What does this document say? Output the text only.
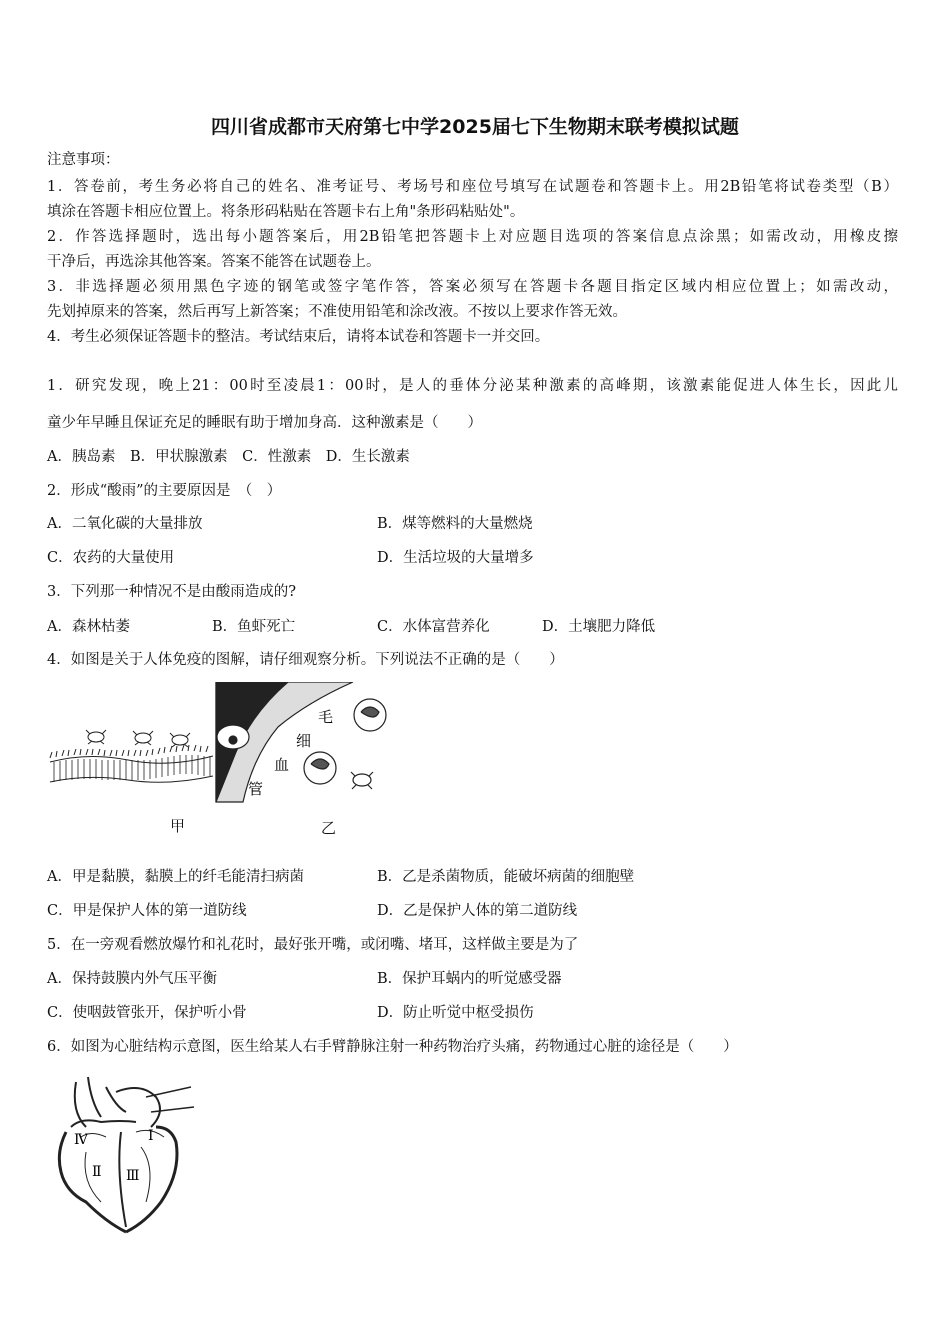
四川省成都市天府第七中学2025届七下生物期末联考模拟试题
注意事项：
1．答卷前，考生务必将自己的姓名、准考证号、考场号和座位号填写在试题卷和答题卡上。用2B铅笔将试卷类型（B）
填涂在答题卡相应位置上。将条形码粘贴在答题卡右上角"条形码粘贴处"。
2．作答选择题时，选出每小题答案后，用2B铅笔把答题卡上对应题目选项的答案信息点涂黑；如需改动，用橡皮擦
干净后，再选涂其他答案。答案不能答在试题卷上。
3．非选择题必须用黑色字迹的钢笔或签字笔作答，答案必须写在答题卡各题目指定区域内相应位置上；如需改动，
先划掉原来的答案，然后再写上新答案；不准使用铅笔和涂改液。不按以上要求作答无效。
4．考生必须保证答题卡的整洁。考试结束后，请将本试卷和答题卡一并交回。
1．研究发现，晚上21：00时至凌晨1：00时，是人的垂体分泌某种激素的高峰期，该激素能促进人体生长，因此儿
童少年早睡且保证充足的睡眠有助于增加身高．这种激素是（　　）
A．胰岛素　B．甲状腺激素　C．性激素　D．生长激素
2．形成“酸雨”的主要原因是　（　）
A．二氧化碳的大量排放	B．煤等燃料的大量燃烧
C．农药的大量使用	D．生活垃圾的大量增多
3．下列那一种情况不是由酸雨造成的?
A．森林枯萎	B．鱼虾死亡	C．水体富营养化	D．土壤肥力降低
4．如图是关于人体免疫的图解，请仔细观察分析。下列说法不正确的是（　　）
毛
细
血
管
甲	乙
A．甲是黏膜，黏膜上的纤毛能清扫病菌	B．乙是杀菌物质，能破坏病菌的细胞壁
C．甲是保护人体的第一道防线	D．乙是保护人体的第二道防线
5．在一旁观看燃放爆竹和礼花时，最好张开嘴，或闭嘴、堵耳，这样做主要是为了
A．保持鼓膜内外气压平衡	B．保护耳蜗内的听觉感受器
C．使咽鼓管张开，保护听小骨	D．防止听觉中枢受损伤
6．如图为心脏结构示意图，医生给某人右手臂静脉注射一种药物治疗头痛，药物通过心脏的途径是（　　）
Ⅳ	Ⅰ
Ⅱ Ⅲ
